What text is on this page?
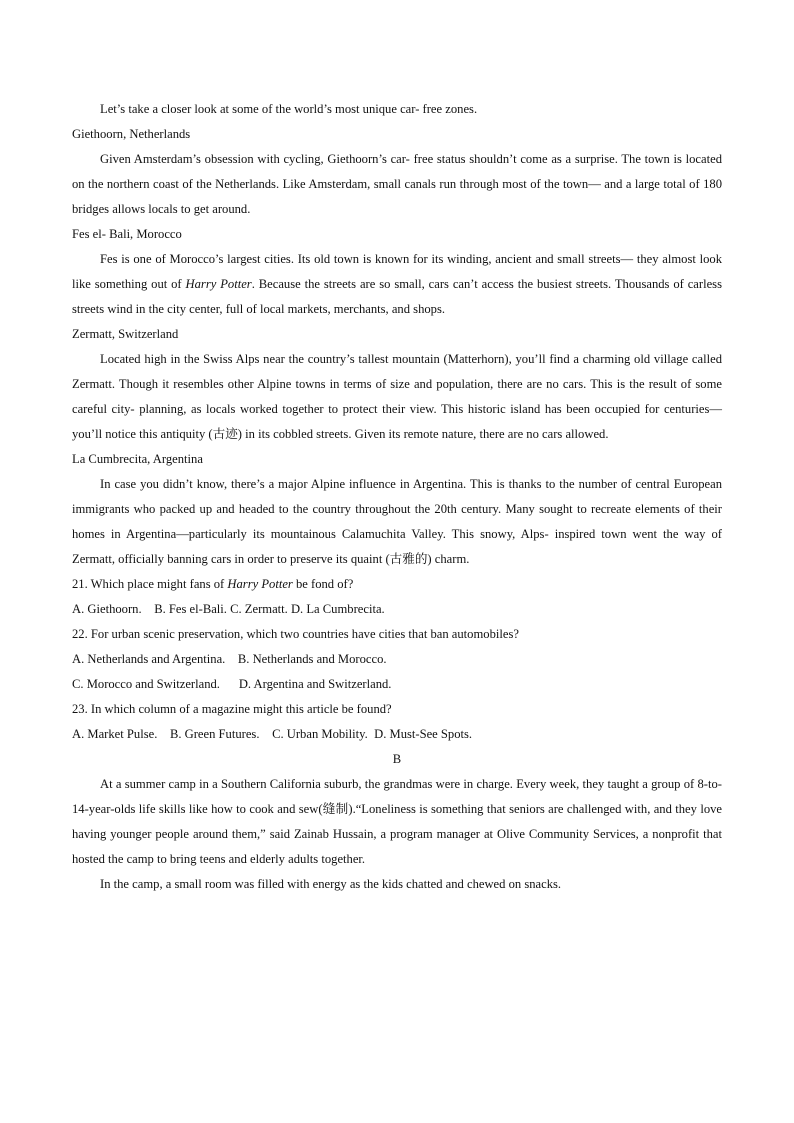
Let’s take a closer look at some of the world’s most unique car- free zones.

Giethoorn, Netherlands

Given Amsterdam’s obsession with cycling, Giethoorn’s car- free status shouldn’t come as a surprise. The town is located on the northern coast of the Netherlands. Like Amsterdam, small canals run through most of the town— and a large total of 180 bridges allows locals to get around.

Fes el- Bali, Morocco

Fes is one of Morocco’s largest cities. Its old town is known for its winding, ancient and small streets— they almost look like something out of Harry Potter. Because the streets are so small, cars can’t access the busiest streets. Thousands of carless streets wind in the city center, full of local markets, merchants, and shops.

Zermatt, Switzerland

Located high in the Swiss Alps near the country’s tallest mountain (Matterhorn), you’ll find a charming old village called Zermatt. Though it resembles other Alpine towns in terms of size and population, there are no cars. This is the result of some careful city- planning, as locals worked together to protect their view. This historic island has been occupied for centuries— you’ll notice this antiquity (古迹) in its cobbled streets. Given its remote nature, there are no cars allowed.

La Cumbrecita, Argentina

In case you didn’t know, there’s a major Alpine influence in Argentina. This is thanks to the number of central European immigrants who packed up and headed to the country throughout the 20th century. Many sought to recreate elements of their homes in Argentina—particularly its mountainous Calamuchita Valley. This snowy, Alps- inspired town went the way of Zermatt, officially banning cars in order to preserve its quaint (古雅的) charm.

21. Which place might fans of Harry Potter be fond of?

A. Giethoorn.    B. Fes el-Bali. C. Zermatt. D. La Cumbrecita.

22. For urban scenic preservation, which two countries have cities that ban automobiles?

A. Netherlands and Argentina.    B. Netherlands and Morocco.

C. Morocco and Switzerland.      D. Argentina and Switzerland.

23. In which column of a magazine might this article be found?

A. Market Pulse.    B. Green Futures.    C. Urban Mobility.  D. Must-See Spots.

B

At a summer camp in a Southern California suburb, the grandmas were in charge. Every week, they taught a group of 8-to-14-year-olds life skills like how to cook and sew(缝制).“Loneliness is something that seniors are challenged with, and they love having younger people around them,” said Zainab Hussain, a program manager at Olive Community Services, a nonprofit that hosted the camp to bring teens and elderly adults together.

In the camp, a small room was filled with energy as the kids chatted and chewed on snacks.
